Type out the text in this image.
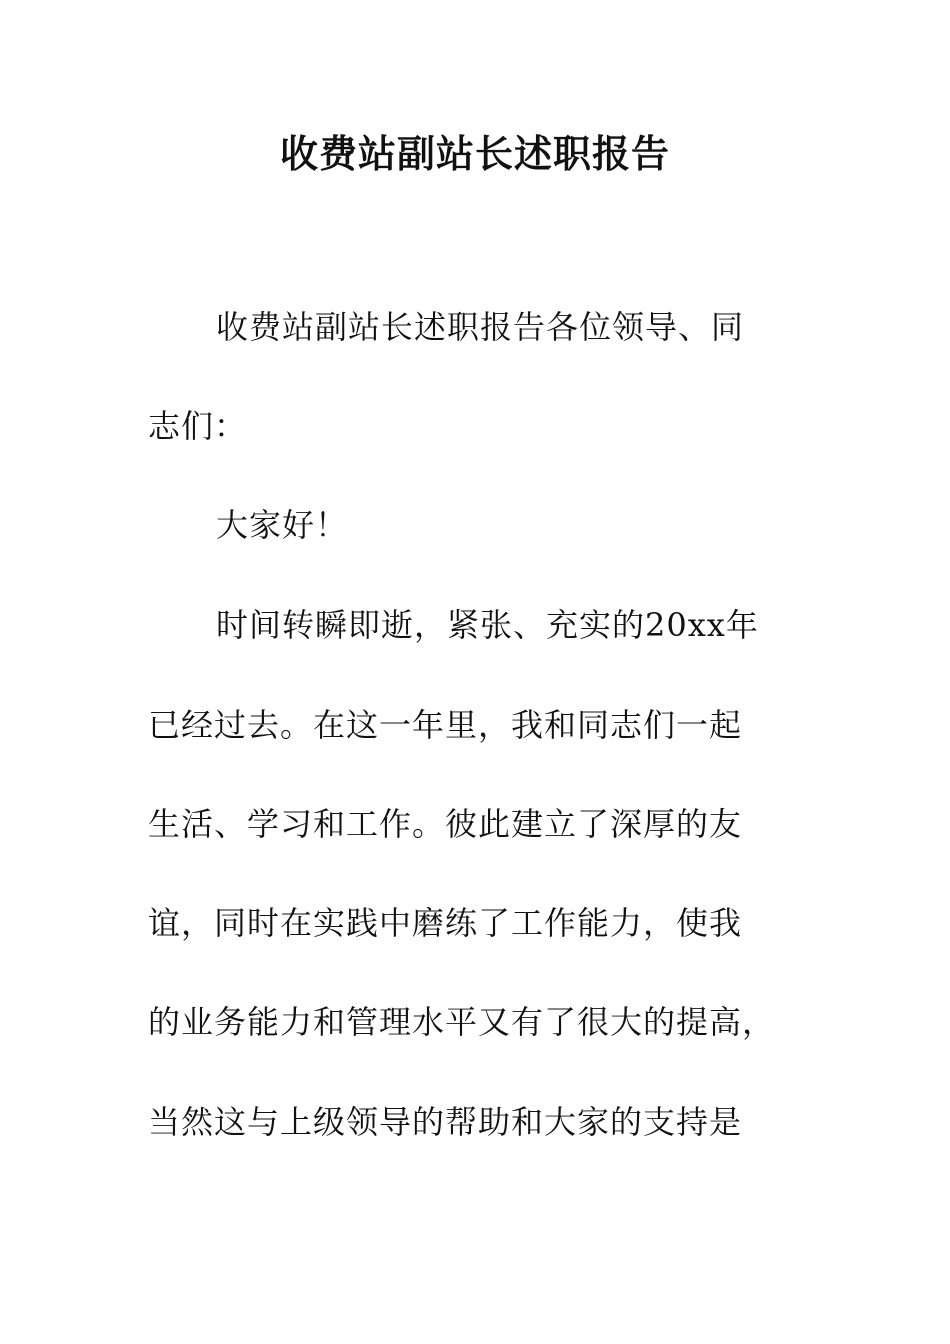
收费站副站长述职报告
收费站副站长述职报告各位领导、同
志们：
大家好！
时间转瞬即逝，紧张、充实的20xx年
已经过去。在这一年里，我和同志们一起
生活、学习和工作。彼此建立了深厚的友
谊，同时在实践中磨练了工作能力，使我
的业务能力和管理水平又有了很大的提高，
当然这与上级领导的帮助和大家的支持是
